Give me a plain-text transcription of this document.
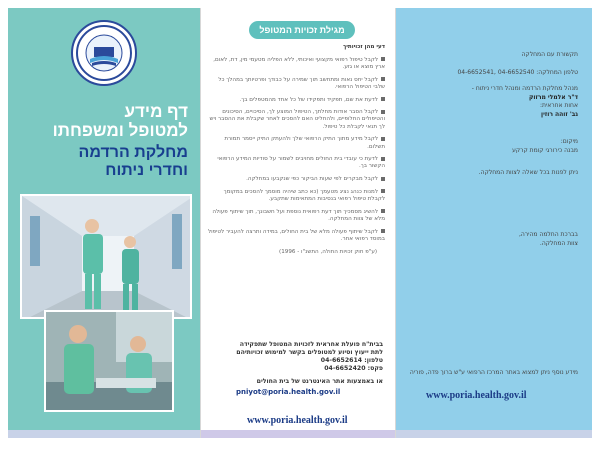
דף מידע
למטופל ומשפחתו
מחלקת הרדמה
וחדרי ניתוח
מגילת זכויות המטופל
דעי מהן זכויותיך
לקבל טיפול רפואי מקצועי ואיכותי, ללא הפליה מטעמי מין, דת, לאום, ארץ מוצא או גזע.
לקבל יחס נאות ומתחשב תוך שמירה על כבודך ופרטיותך במהלך כל שלבי הטיפול הרפואי.
לדעת את שם, תפקיד ותפקידו של כל אחד מהמטפלים בך.
לקבל הסבר אודות מחלתך, הטיפול המוצע לך, הסיכויים, הסיכונים והטיפולים החלופיים, ולהחליט האם להסכים לאחר שקבלת את ההסבר ויש לך תנאי לקבלת כל טיפול.
לקבל מידע מתוך התיק הרפואי שלך ולהעתק התיק ייסמר תמורת תשלום.
לדעת כי עובדי בית החולים מחויבים לשמור על סודיות המידע הרפואי הקשור בך.
לקבל מבקרים לפי שעות הביקור כפי שנקבעו במחלקה.
למנות כנהג נציג מטעמך (כא כתב שיהיה מוסמך להסכים במקומך לקבלת טיפול רפואי בנסיבות המתאימות שתקבע.
להשיג מסמכיך תוך דעת רפואית נוספת ועל חשבונך, תוך שיתוף פעולה מלא של צוות המחלקה.
לקבל שיתוף פעולה מלא של בית החולים, במידה ותרצה להעביר לטיפול במוסד רפואי אחר.
(ע"פ חוק זכויות החולה, התשנ"ו - 1996)
בבית"ח פועלת אחראית לזכויות המטופל שתפקידה
לתת ייעוץ וסיוע למטופלים בקשר למימוש זכויותיהם
טלפון: 04-6652614
פקס: 04-6652420
או באמצעות אתר האינטרנט של בית החולים
pniyot@poria.health.gov.il
www.poria.health.gov.il
תקשורת עם המחלקה
טלפון המחלקה: 04-6652540 ,04-6652541
מנהל מחלקת הרדמה ומנהל חדרי ניתוח -
ד"ר אלמלי מרזוק
אחות אחראית:
גב' זוהה רוזין
מיקום:
מבנה כירורגי קומת קרקע
ניתן לפנות בכל שאלה לצוות המחלקה.
בברכת החלמה מהירה,
צוות המחלקה.
מידע נוסף ניתן למצוא באתר המרכז הרפואי ע"ש ברוך פדה, פוריה
www.poria.health.gov.il
